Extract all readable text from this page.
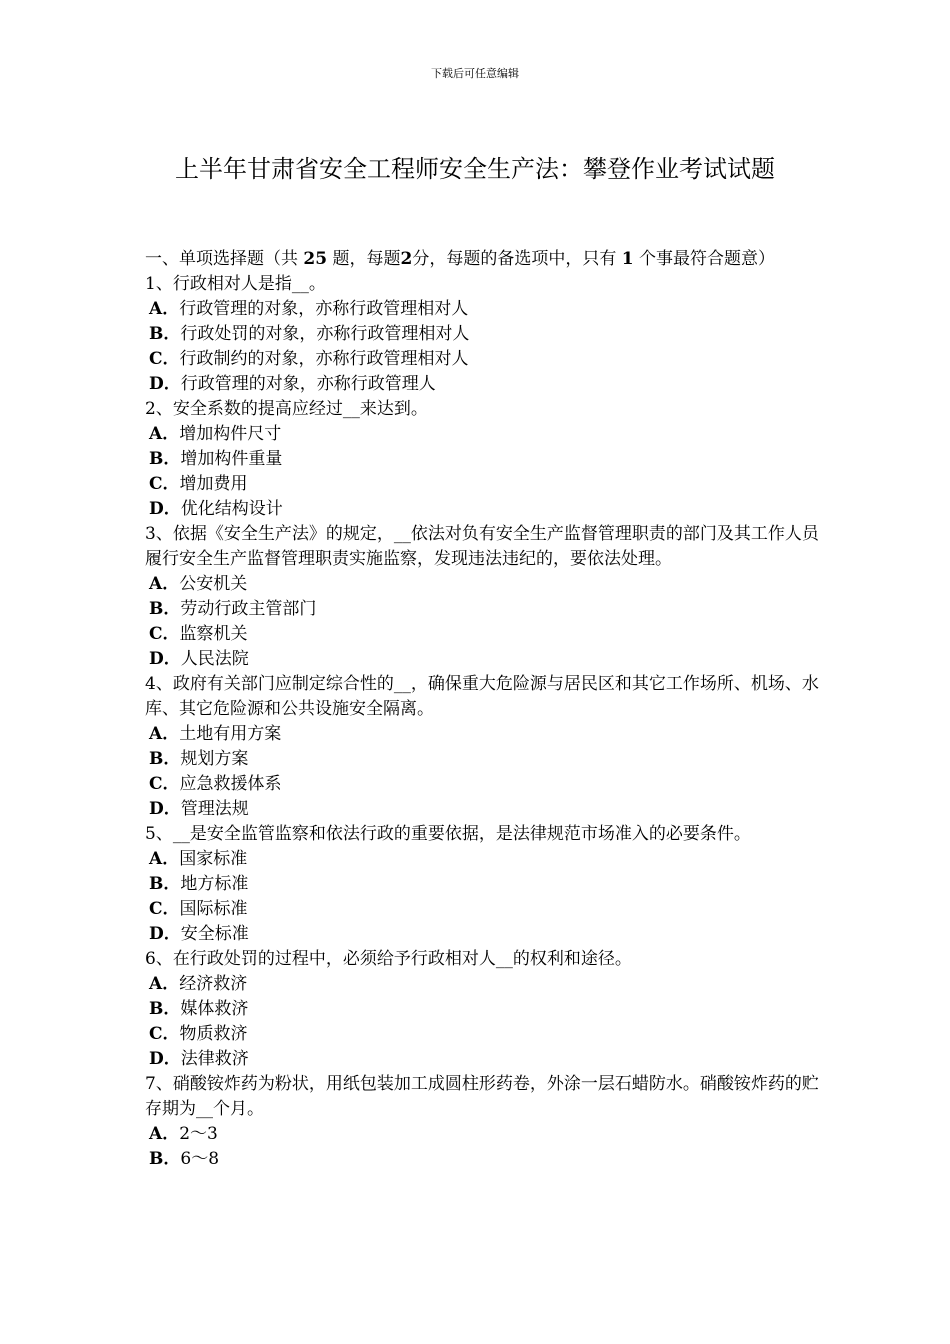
下载后可任意编辑
上半年甘肃省安全工程师安全生产法：攀登作业考试试题

一、单项选择题（共 25 题，每题2分，每题的备选项中，只有 1 个事最符合题意）

1、行政相对人是指__。

A．行政管理的对象，亦称行政管理相对人

B．行政处罚的对象，亦称行政管理相对人

C．行政制约的对象，亦称行政管理相对人

D．行政管理的对象，亦称行政管理人

2、安全系数的提高应经过__来达到。

A．增加构件尺寸

B．增加构件重量

C．增加费用

D．优化结构设计

3、依据《安全生产法》的规定，__依法对负有安全生产监督管理职责的部门及其工作人员履行安全生产监督管理职责实施监察，发现违法违纪的，要依法处理。

A．公安机关

B．劳动行政主管部门

C．监察机关

D．人民法院

4、政府有关部门应制定综合性的__，确保重大危险源与居民区和其它工作场所、机场、水库、其它危险源和公共设施安全隔离。

A．土地有用方案

B．规划方案

C．应急救援体系

D．管理法规

5、__是安全监管监察和依法行政的重要依据，是法律规范市场准入的必要条件。

A．国家标准

B．地方标准

C．国际标准

D．安全标准

6、在行政处罚的过程中，必须给予行政相对人__的权利和途径。

A．经济救济

B．媒体救济

C．物质救济

D．法律救济

7、硝酸铵炸药为粉状，用纸包装加工成圆柱形药卷，外涂一层石蜡防水。硝酸铵炸药的贮存期为__个月。

A．2～3

B．6～8
